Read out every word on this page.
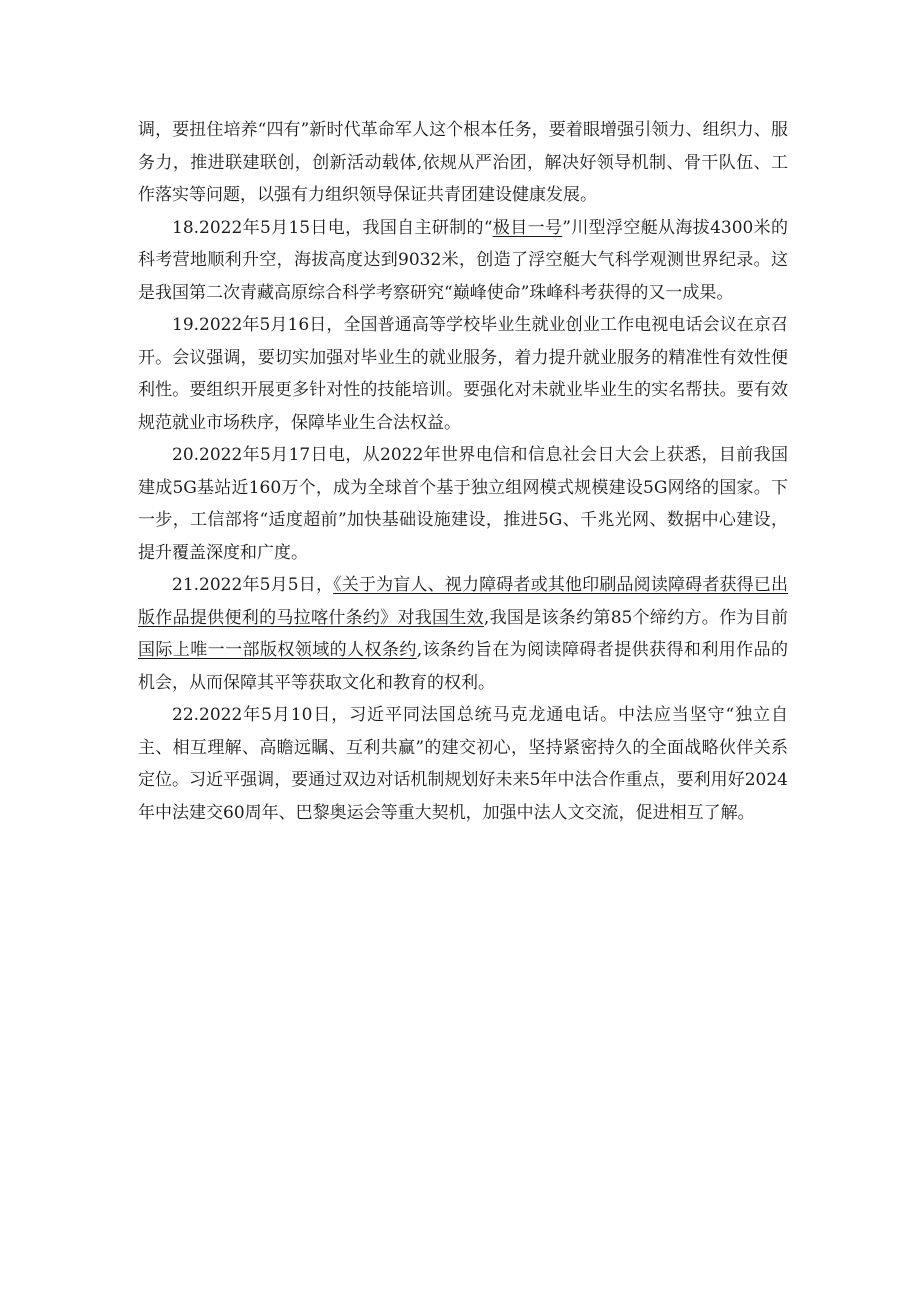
调，要扭住培养“四有”新时代革命军人这个根本任务，要着眼增强引领力、组织力、服务力，推进联建联创，创新活动载体,依规从严治团，解决好领导机制、骨干队伍、工作落实等问题，以强有力组织领导保证共青团建设健康发展。

18.2022年5月15日电，我国自主研制的“极目一号”川型浮空艇从海拔4300米的科考营地顺利升空，海拔高度达到9032米，创造了浮空艇大气科学观测世界纪录。这是我国第二次青藏高原综合科学考察研究“巅峰使命”珠峰科考获得的又一成果。

19.2022年5月16日，全国普通高等学校毕业生就业创业工作电视电话会议在京召开。会议强调，要切实加强对毕业生的就业服务，着力提升就业服务的精准性有效性便利性。要组织开展更多针对性的技能培训。要强化对未就业毕业生的实名帮扶。要有效规范就业市场秩序，保障毕业生合法权益。

20.2022年5月17日电，从2022年世界电信和信息社会日大会上获悉，目前我国建成5G基站近160万个，成为全球首个基于独立组网模式规模建设5G网络的国家。下一步，工信部将“适度超前”加快基础设施建设，推进5G、千兆光网、数据中心建设，提升覆盖深度和广度。

21.2022年5月5日，《关于为盲人、视力障碍者或其他印刷品阅读障碍者获得已出版作品提供便利的马拉喀什条约》对我国生效,我国是该条约第85个缔约方。作为目前国际上唯一一部版权领域的人权条约,该条约旨在为阅读障碍者提供获得和利用作品的机会，从而保障其平等获取文化和教育的权利。

22.2022年5月10日，习近平同法国总统马克龙通电话。中法应当坚守“独立自主、相互理解、高瞻远瞩、互利共赢”的建交初心，坚持紧密持久的全面战略伙伴关系定位。习近平强调，要通过双边对话机制规划好未来5年中法合作重点，要利用好2024年中法建交60周年、巴黎奥运会等重大契机，加强中法人文交流，促进相互了解。
